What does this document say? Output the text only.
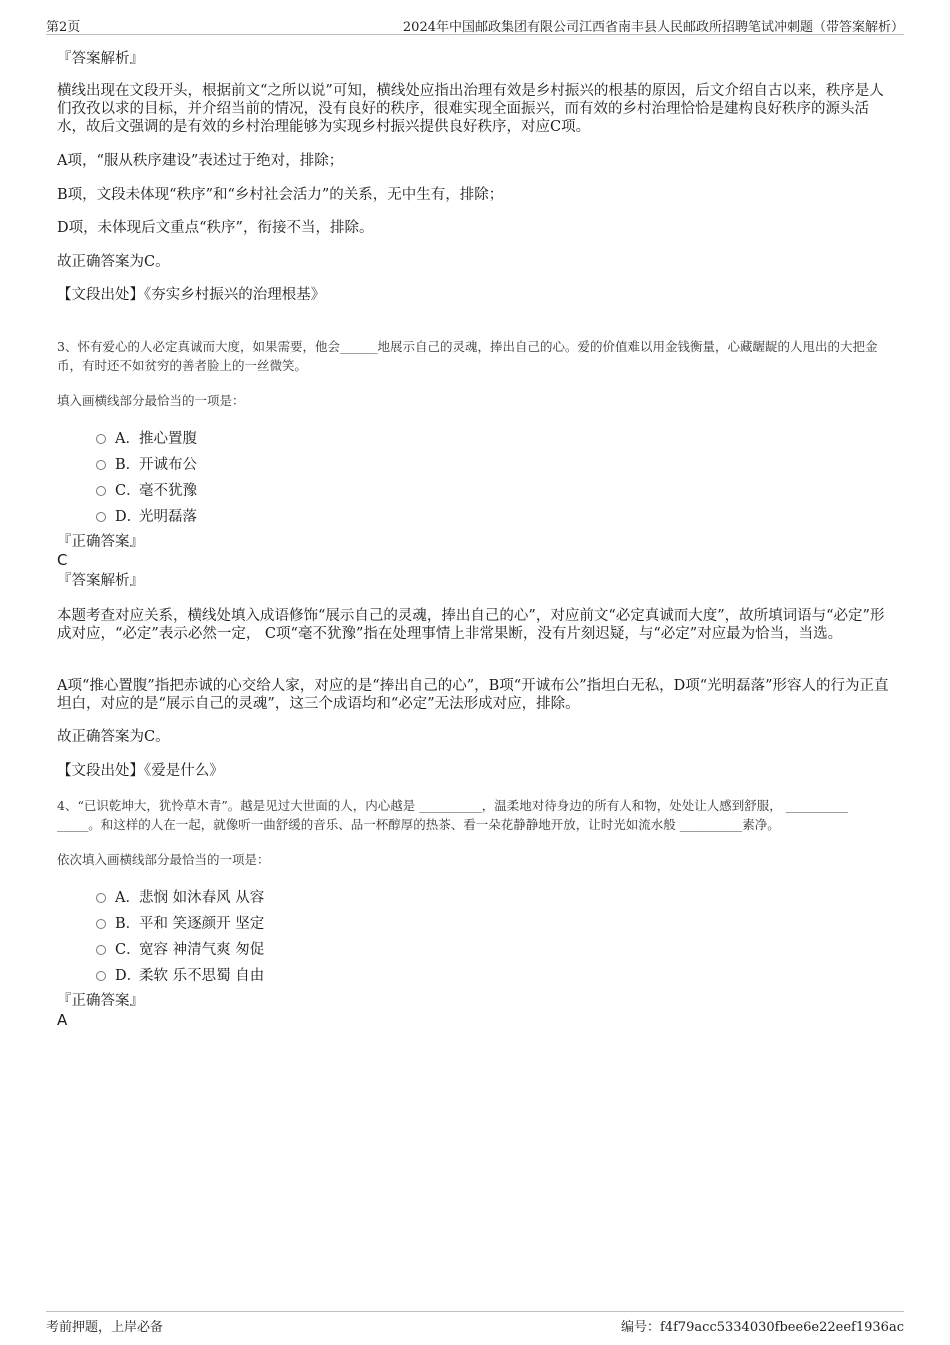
第2页	2024年中国邮政集团有限公司江西省南丰县人民邮政所招聘笔试冲刺题（带答案解析）
『答案解析』
横线出现在文段开头，根据前文“之所以说”可知，横线处应指出治理有效是乡村振兴的根基的原因，后文介绍自古以来，秩序是人们孜孜以求的目标，并介绍当前的情况，没有良好的秩序，很难实现全面振兴，而有效的乡村治理恰恰是建构良好秩序的源头活水，故后文强调的是有效的乡村治理能够为实现乡村振兴提供良好秩序，对应C项。
A项，“服从秩序建设”表述过于绝对，排除；
B项，文段未体现“秩序”和“乡村社会活力”的关系，无中生有，排除；
D项，未体现后文重点“秩序”，衔接不当，排除。
故正确答案为C。
【文段出处】《夯实乡村振兴的治理根基》
3、怀有爱心的人必定真诚而大度，如果需要，他会______地展示自己的灵魂，捧出自己的心。爱的价值难以用金钱衡量，心藏龌龊的人甩出的大把金币，有时还不如贫穷的善者脸上的一丝微笑。
填入画横线部分最恰当的一项是：
A．推心置腹
B．开诚布公
C．毫不犹豫
D．光明磊落
『正确答案』
C
『答案解析』
本题考查对应关系，横线处填入成语修饰“展示自己的灵魂，捧出自己的心”，对应前文“必定真诚而大度”，故所填词语与“必定”形成对应，“必定”表示必然一定， C项“毫不犹豫”指在处理事情上非常果断，没有片刻迟疑，与“必定”对应最为恰当，当选。
A项“推心置腹”指把赤诚的心交给人家，对应的是“捧出自己的心”，B项“开诚布公”指坦白无私，D项“光明磊落”形容人的行为正直坦白，对应的是“展示自己的灵魂”，这三个成语均和“必定”无法形成对应，排除。
故正确答案为C。
【文段出处】《爱是什么》
4、“已识乾坤大，犹怜草木青”。越是见过大世面的人，内心越是 __________，温柔地对待身边的所有人和物，处处让人感到舒服， __________ _____。和这样的人在一起，就像听一曲舒缓的音乐、品一杯醇厚的热茶、看一朵花静静地开放，让时光如流水般 __________素净。
依次填入画横线部分最恰当的一项是：
A．悲悯 如沐春风 从容
B．平和 笑逐颜开 坚定
C．宽容 神清气爽 匆促
D．柔软 乐不思蜀 自由
『正确答案』
A
考前押题，上岸必备	编号：f4f79acc5334030fbee6e22eef1936ac
